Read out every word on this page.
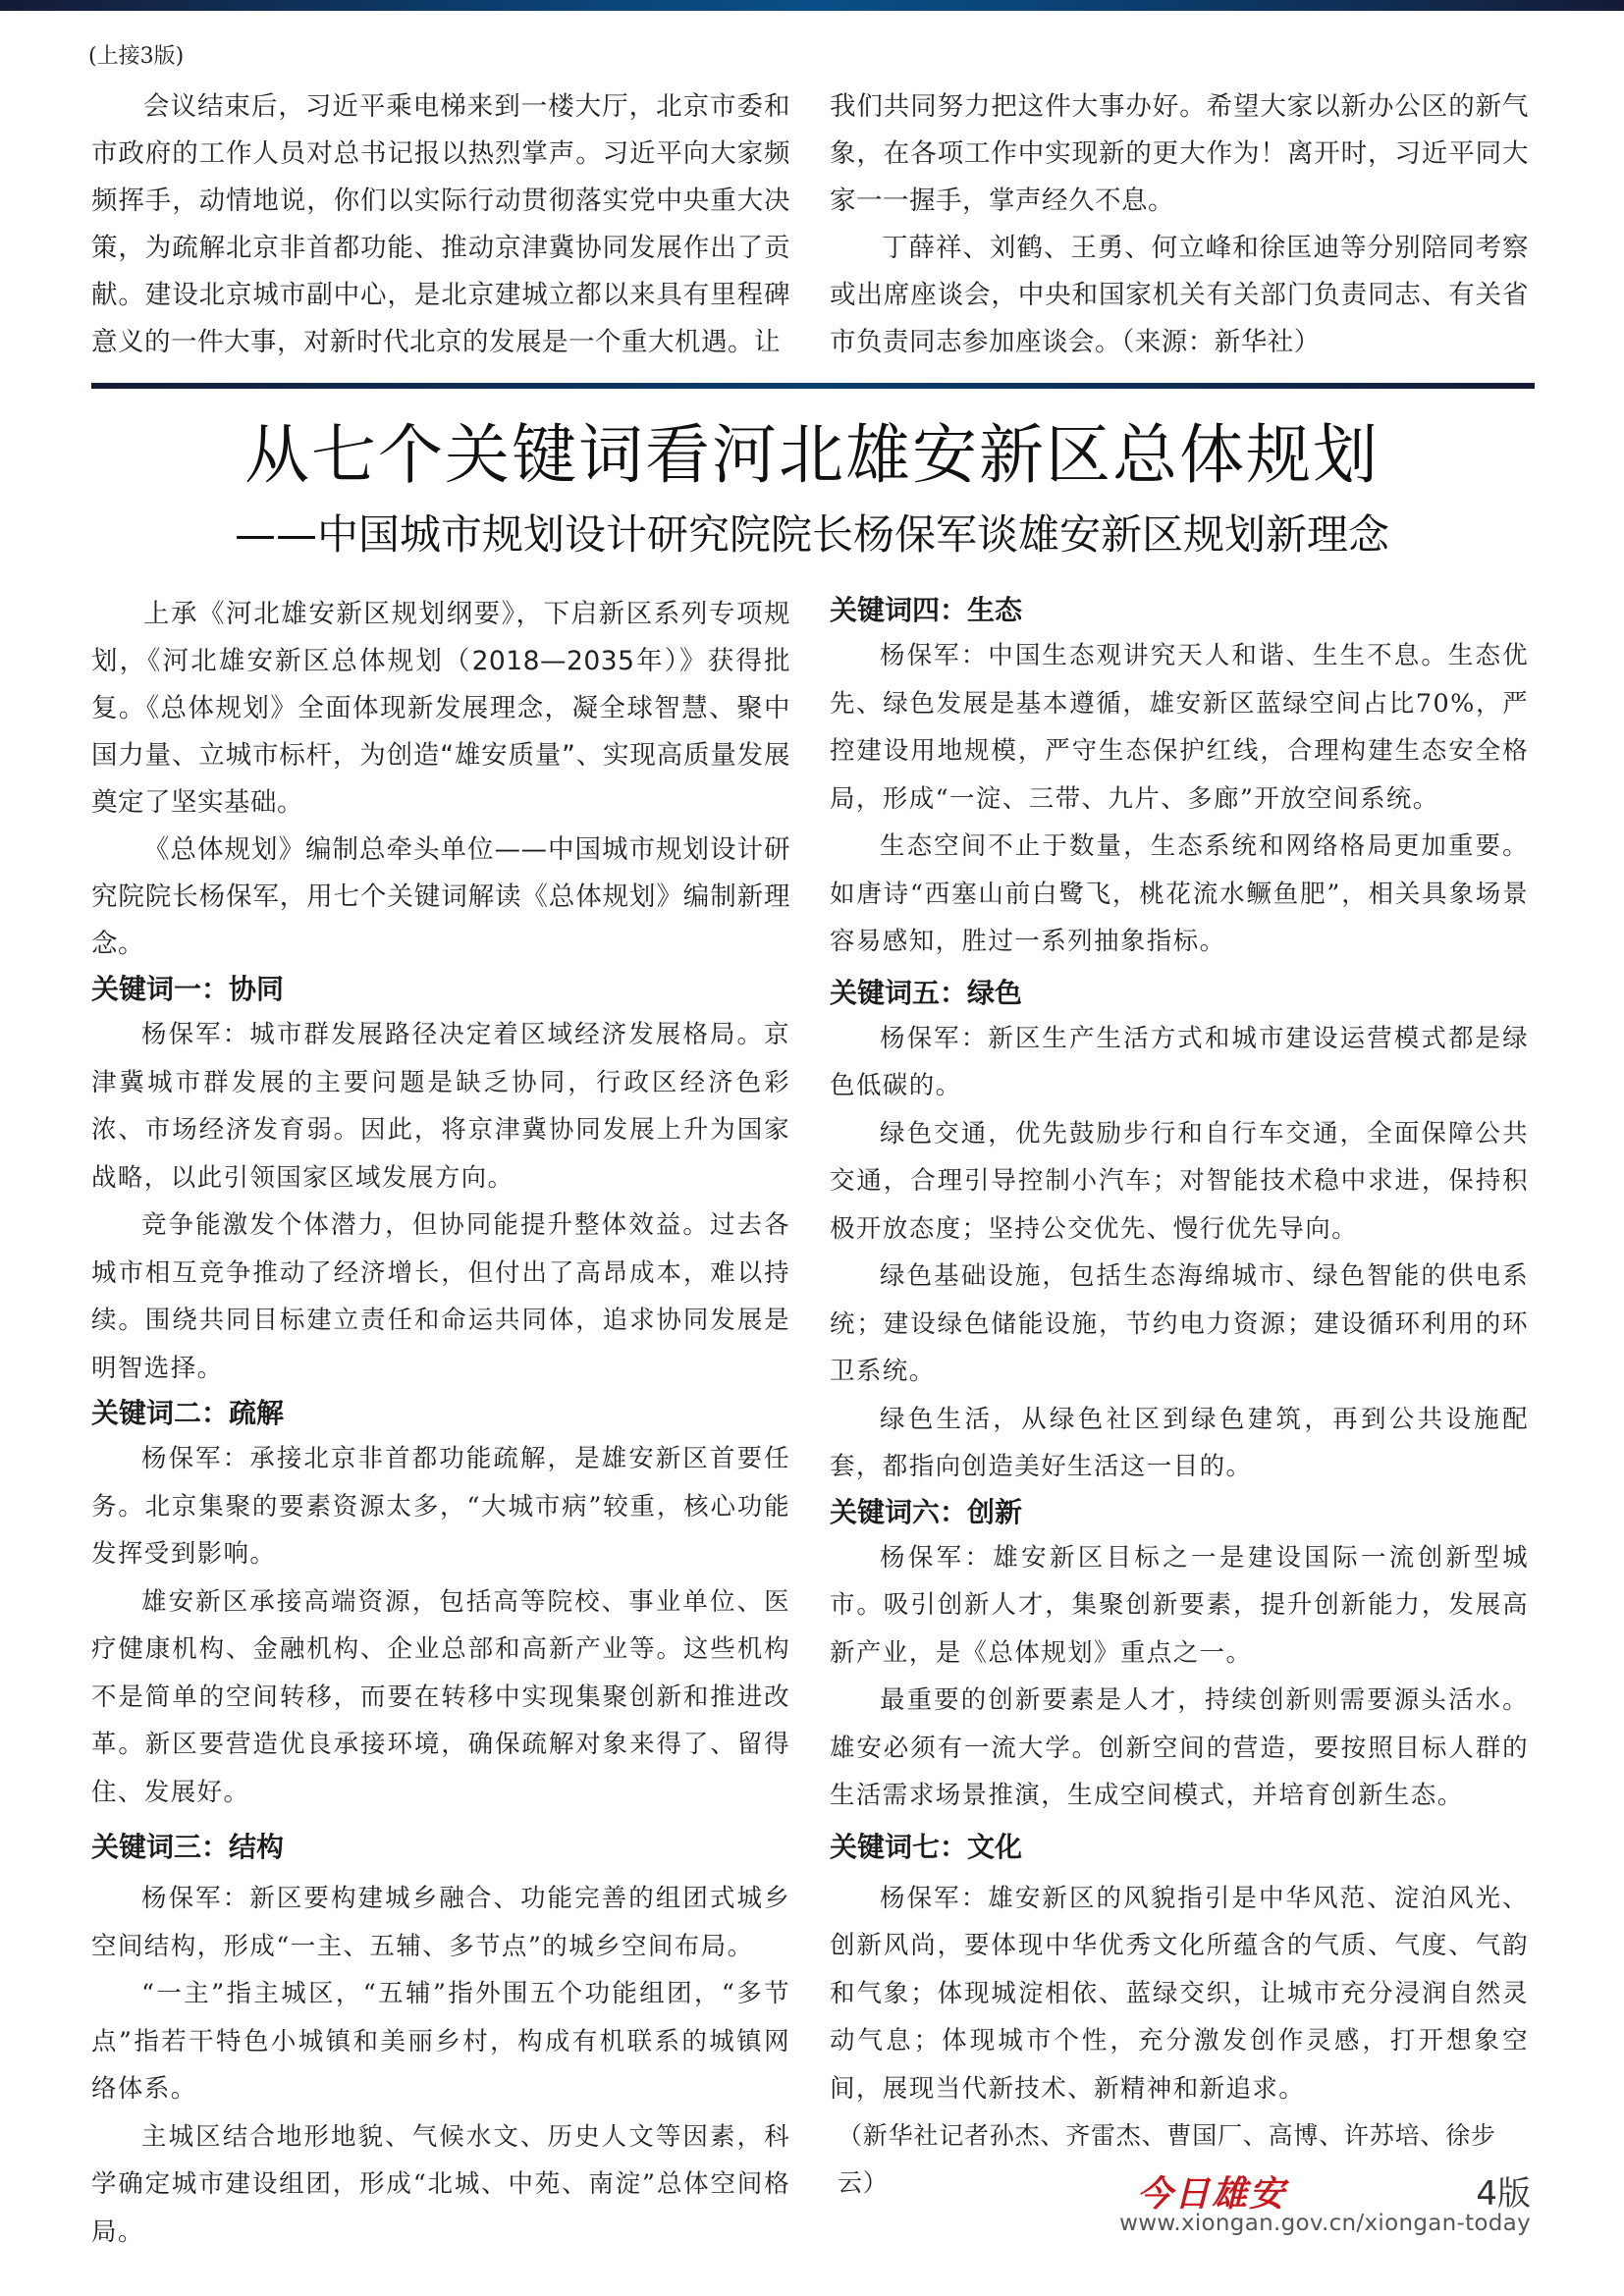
(上接3版)

会议结束后，习近平乘电梯来到一楼大厅，北京市委和市政府的工作人员对总书记报以热烈掌声。习近平向大家频频挥手，动情地说，你们以实际行动贯彻落实党中央重大决策，为疏解北京非首都功能、推动京津冀协同发展作出了贡献。建设北京城市副中心，是北京建城立都以来具有里程碑意义的一件大事，对新时代北京的发展是一个重大机遇。让

我们共同努力把这件大事办好。希望大家以新办公区的新气象，在各项工作中实现新的更大作为！离开时，习近平同大家一一握手，掌声经久不息。

丁薛祥、刘鹤、王勇、何立峰和徐匡迪等分别陪同考察或出席座谈会，中央和国家机关有关部门负责同志、有关省市负责同志参加座谈会。（来源：新华社）

从七个关键词看河北雄安新区总体规划
——中国城市规划设计研究院院长杨保军谈雄安新区规划新理念

上承《河北雄安新区规划纲要》，下启新区系列专项规划，《河北雄安新区总体规划（2018—2035年）》获得批复。《总体规划》全面体现新发展理念，凝全球智慧、聚中国力量、立城市标杆，为创造“雄安质量”、实现高质量发展奠定了坚实基础。

《总体规划》编制总牵头单位——中国城市规划设计研究院院长杨保军，用七个关键词解读《总体规划》编制新理念。

关键词一：协同

杨保军：城市群发展路径决定着区域经济发展格局。京津冀城市群发展的主要问题是缺乏协同，行政区经济色彩浓、市场经济发育弱。因此，将京津冀协同发展上升为国家战略，以此引领国家区域发展方向。

竞争能激发个体潜力，但协同能提升整体效益。过去各城市相互竞争推动了经济增长，但付出了高昂成本，难以持续。围绕共同目标建立责任和命运共同体，追求协同发展是明智选择。

关键词二：疏解

杨保军：承接北京非首都功能疏解，是雄安新区首要任务。北京集聚的要素资源太多，“大城市病”较重，核心功能发挥受到影响。

雄安新区承接高端资源，包括高等院校、事业单位、医疗健康机构、金融机构、企业总部和高新产业等。这些机构不是简单的空间转移，而要在转移中实现集聚创新和推进改革。新区要营造优良承接环境，确保疏解对象来得了、留得住、发展好。

关键词三：结构

杨保军：新区要构建城乡融合、功能完善的组团式城乡空间结构，形成“一主、五辅、多节点”的城乡空间布局。

“一主”指主城区，“五辅”指外围五个功能组团，“多节点”指若干特色小城镇和美丽乡村，构成有机联系的城镇网络体系。

主城区结合地形地貌、气候水文、历史人文等因素，科学确定城市建设组团，形成“北城、中苑、南淀”总体空间格局。

关键词四：生态

杨保军：中国生态观讲究天人和谐、生生不息。生态优先、绿色发展是基本遵循，雄安新区蓝绿空间占比70%，严控建设用地规模，严守生态保护红线，合理构建生态安全格局，形成“一淀、三带、九片、多廊”开放空间系统。

生态空间不止于数量，生态系统和网络格局更加重要。如唐诗“西塞山前白鹭飞，桃花流水鳜鱼肥”，相关具象场景容易感知，胜过一系列抽象指标。

关键词五：绿色

杨保军：新区生产生活方式和城市建设运营模式都是绿色低碳的。

绿色交通，优先鼓励步行和自行车交通，全面保障公共交通，合理引导控制小汽车；对智能技术稳中求进，保持积极开放态度；坚持公交优先、慢行优先导向。

绿色基础设施，包括生态海绵城市、绿色智能的供电系统；建设绿色储能设施，节约电力资源；建设循环利用的环卫系统。

绿色生活，从绿色社区到绿色建筑，再到公共设施配套，都指向创造美好生活这一目的。

关键词六：创新

杨保军：雄安新区目标之一是建设国际一流创新型城市。吸引创新人才，集聚创新要素，提升创新能力，发展高新产业，是《总体规划》重点之一。

最重要的创新要素是人才，持续创新则需要源头活水。雄安必须有一流大学。创新空间的营造，要按照目标人群的生活需求场景推演，生成空间模式，并培育创新生态。

关键词七：文化

杨保军：雄安新区的风貌指引是中华风范、淀泊风光、创新风尚，要体现中华优秀文化所蕴含的气质、气度、气韵和气象；体现城淀相依、蓝绿交织，让城市充分浸润自然灵动气息；体现城市个性，充分激发创作灵感，打开想象空间，展现当代新技术、新精神和新追求。

（新华社记者孙杰、齐雷杰、曹国厂、高博、许苏培、徐步云）	今日雄安	4版
www.xiongan.gov.cn/xiongan-today
